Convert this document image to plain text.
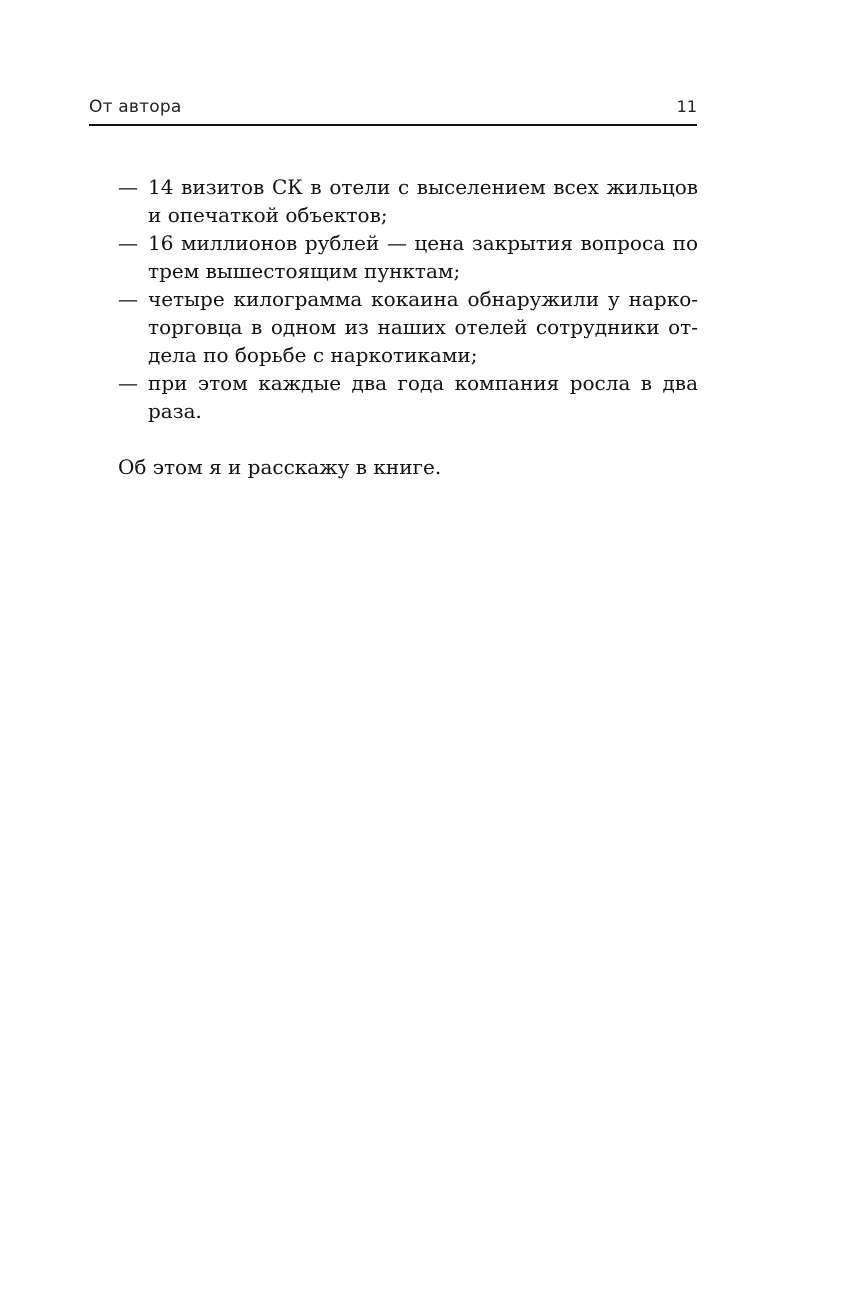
От автора	11
— 14 визитов СК в отели с выселением всех жильцов и опечаткой объектов;
— 16 миллионов рублей — цена закрытия вопроса по трем вышестоящим пунктам;
— четыре килограмма кокаина обнаружили у наркоторговца в одном из наших отелей сотрудники отдела по борьбе с наркотиками;
— при этом каждые два года компания росла в два раза.

Об этом я и расскажу в книге.
